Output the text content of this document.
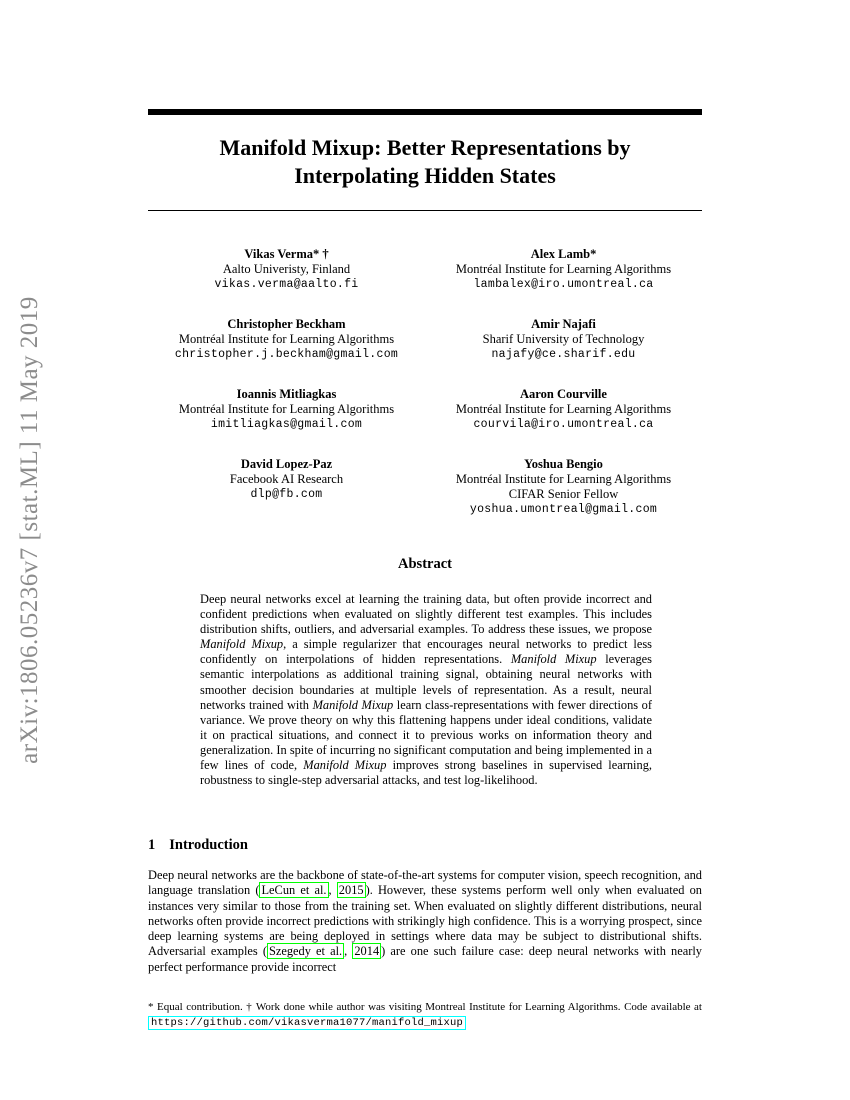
arXiv:1806.05236v7 [stat.ML] 11 May 2019
Manifold Mixup: Better Representations by
Interpolating Hidden States
Vikas Verma* †
Aalto Univeristy, Finland
vikas.verma@aalto.fi
Alex Lamb*
Montréal Institute for Learning Algorithms
lambalex@iro.umontreal.ca
Christopher Beckham
Montréal Institute for Learning Algorithms
christopher.j.beckham@gmail.com
Amir Najafi
Sharif University of Technology
najafy@ce.sharif.edu
Ioannis Mitliagkas
Montréal Institute for Learning Algorithms
imitliagkas@gmail.com
Aaron Courville
Montréal Institute for Learning Algorithms
courvila@iro.umontreal.ca
David Lopez-Paz
Facebook AI Research
dlp@fb.com
Yoshua Bengio
Montréal Institute for Learning Algorithms
CIFAR Senior Fellow
yoshua.umontreal@gmail.com
Abstract
Deep neural networks excel at learning the training data, but often provide incorrect and confident predictions when evaluated on slightly different test examples. This includes distribution shifts, outliers, and adversarial examples. To address these issues, we propose Manifold Mixup, a simple regularizer that encourages neural networks to predict less confidently on interpolations of hidden representations. Manifold Mixup leverages semantic interpolations as additional training signal, obtaining neural networks with smoother decision boundaries at multiple levels of representation. As a result, neural networks trained with Manifold Mixup learn class-representations with fewer directions of variance. We prove theory on why this flattening happens under ideal conditions, validate it on practical situations, and connect it to previous works on information theory and generalization. In spite of incurring no significant computation and being implemented in a few lines of code, Manifold Mixup improves strong baselines in supervised learning, robustness to single-step adversarial attacks, and test log-likelihood.
1 Introduction
Deep neural networks are the backbone of state-of-the-art systems for computer vision, speech recognition, and language translation ( LeCun et al. , 2015 ). However, these systems perform well only when evaluated on instances very similar to those from the training set. When evaluated on slightly different distributions, neural networks often provide incorrect predictions with strikingly high confidence. This is a worrying prospect, since deep learning systems are being deployed in settings where data may be subject to distributional shifts. Adversarial examples ( Szegedy et al. , 2014 ) are one such failure case: deep neural networks with nearly perfect performance provide incorrect
* Equal contribution. † Work done while author was visiting Montreal Institute for Learning Algorithms. Code available at https://github.com/vikasverma1077/manifold_mixup
